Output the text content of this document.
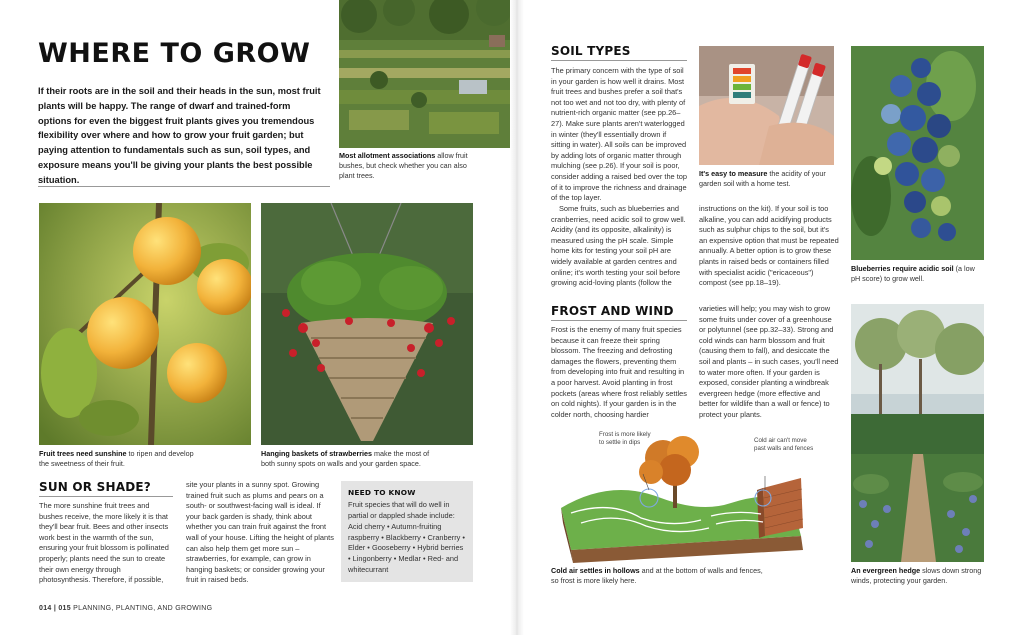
WHERE TO GROW
If their roots are in the soil and their heads in the sun, most fruit plants will be happy. The range of dwarf and trained-form options for even the biggest fruit plants gives you tremendous flexibility over where and how to grow your fruit garden; but paying attention to fundamentals such as sun, soil types, and exposure means you'll be giving your plants the best possible situation.
Most allotment associations allow fruit bushes, but check whether you can also plant trees.
Fruit trees need sunshine to ripen and develop the sweetness of their fruit.
Hanging baskets of strawberries make the most of both sunny spots on walls and your garden space.
SUN OR SHADE?
The more sunshine fruit trees and bushes receive, the more likely it is that they'll bear fruit. Bees and other insects work best in the warmth of the sun, ensuring your fruit blossom is pollinated properly; plants need the sun to create their own energy through photosynthesis. Therefore, if possible,
site your plants in a sunny spot. Growing trained fruit such as plums and pears on a south- or southwest-facing wall is ideal. If your back garden is shady, think about whether you can train fruit against the front wall of your house. Lifting the height of plants can also help them get more sun – strawberries, for example, can grow in hanging baskets; or consider growing your fruit in raised beds.
NEED TO KNOW
Fruit species that will do well in partial or dappled shade include:
Acid cherry • Autumn-fruiting raspberry • Blackberry • Cranberry • Elder • Gooseberry • Hybrid berries • Lingonberry • Medlar • Red- and whitecurrant
014 | 015 PLANNING, PLANTING, AND GROWING
SOIL TYPES
The primary concern with the type of soil in your garden is how well it drains. Most fruit trees and bushes prefer a soil that's not too wet and not too dry, with plenty of nutrient-rich organic matter (see pp.26–27). Make sure plants aren't waterlogged in winter (they'll essentially drown if sitting in water). All soils can be improved by adding lots of organic matter through mulching (see p.26). If your soil is poor, consider adding a raised bed over the top of it to improve the richness and drainage of the top layer.
Some fruits, such as blueberries and cranberries, need acidic soil to grow well. Acidity (and its opposite, alkalinity) is measured using the pH scale. Simple home kits for testing your soil pH are widely available at garden centres and online; it's worth testing your soil before growing acid-loving plants (follow the
instructions on the kit). If your soil is too alkaline, you can add acidifying products such as sulphur chips to the soil, but it's an expensive option that must be repeated annually. A better option is to grow these plants in raised beds or containers filled with specialist acidic ("ericaceous") compost (see pp.18–19).
It's easy to measure the acidity of your garden soil with a home test.
Blueberries require acidic soil (a low pH score) to grow well.
FROST AND WIND
Frost is the enemy of many fruit species because it can freeze their spring blossom. The freezing and defrosting damages the flowers, preventing them from developing into fruit and resulting in a poor harvest. Avoid planting in frost pockets (areas where frost reliably settles on cold nights). If your garden is in the colder north, choosing hardier
varieties will help; you may wish to grow some fruits under cover of a greenhouse or polytunnel (see pp.32–33). Strong and cold winds can harm blossom and fruit (causing them to fall), and desiccate the soil and plants – in such cases, you'll need to water more often. If your garden is exposed, consider planting a windbreak evergreen hedge (more effective and better for wildlife than a wall or fence) to protect your plants.
Frost is more likely to settle in dips	Cold air can't move past walls and fences
Cold air settles in hollows and at the bottom of walls and fences, so frost is more likely here.
An evergreen hedge slows down strong winds, protecting your garden.
